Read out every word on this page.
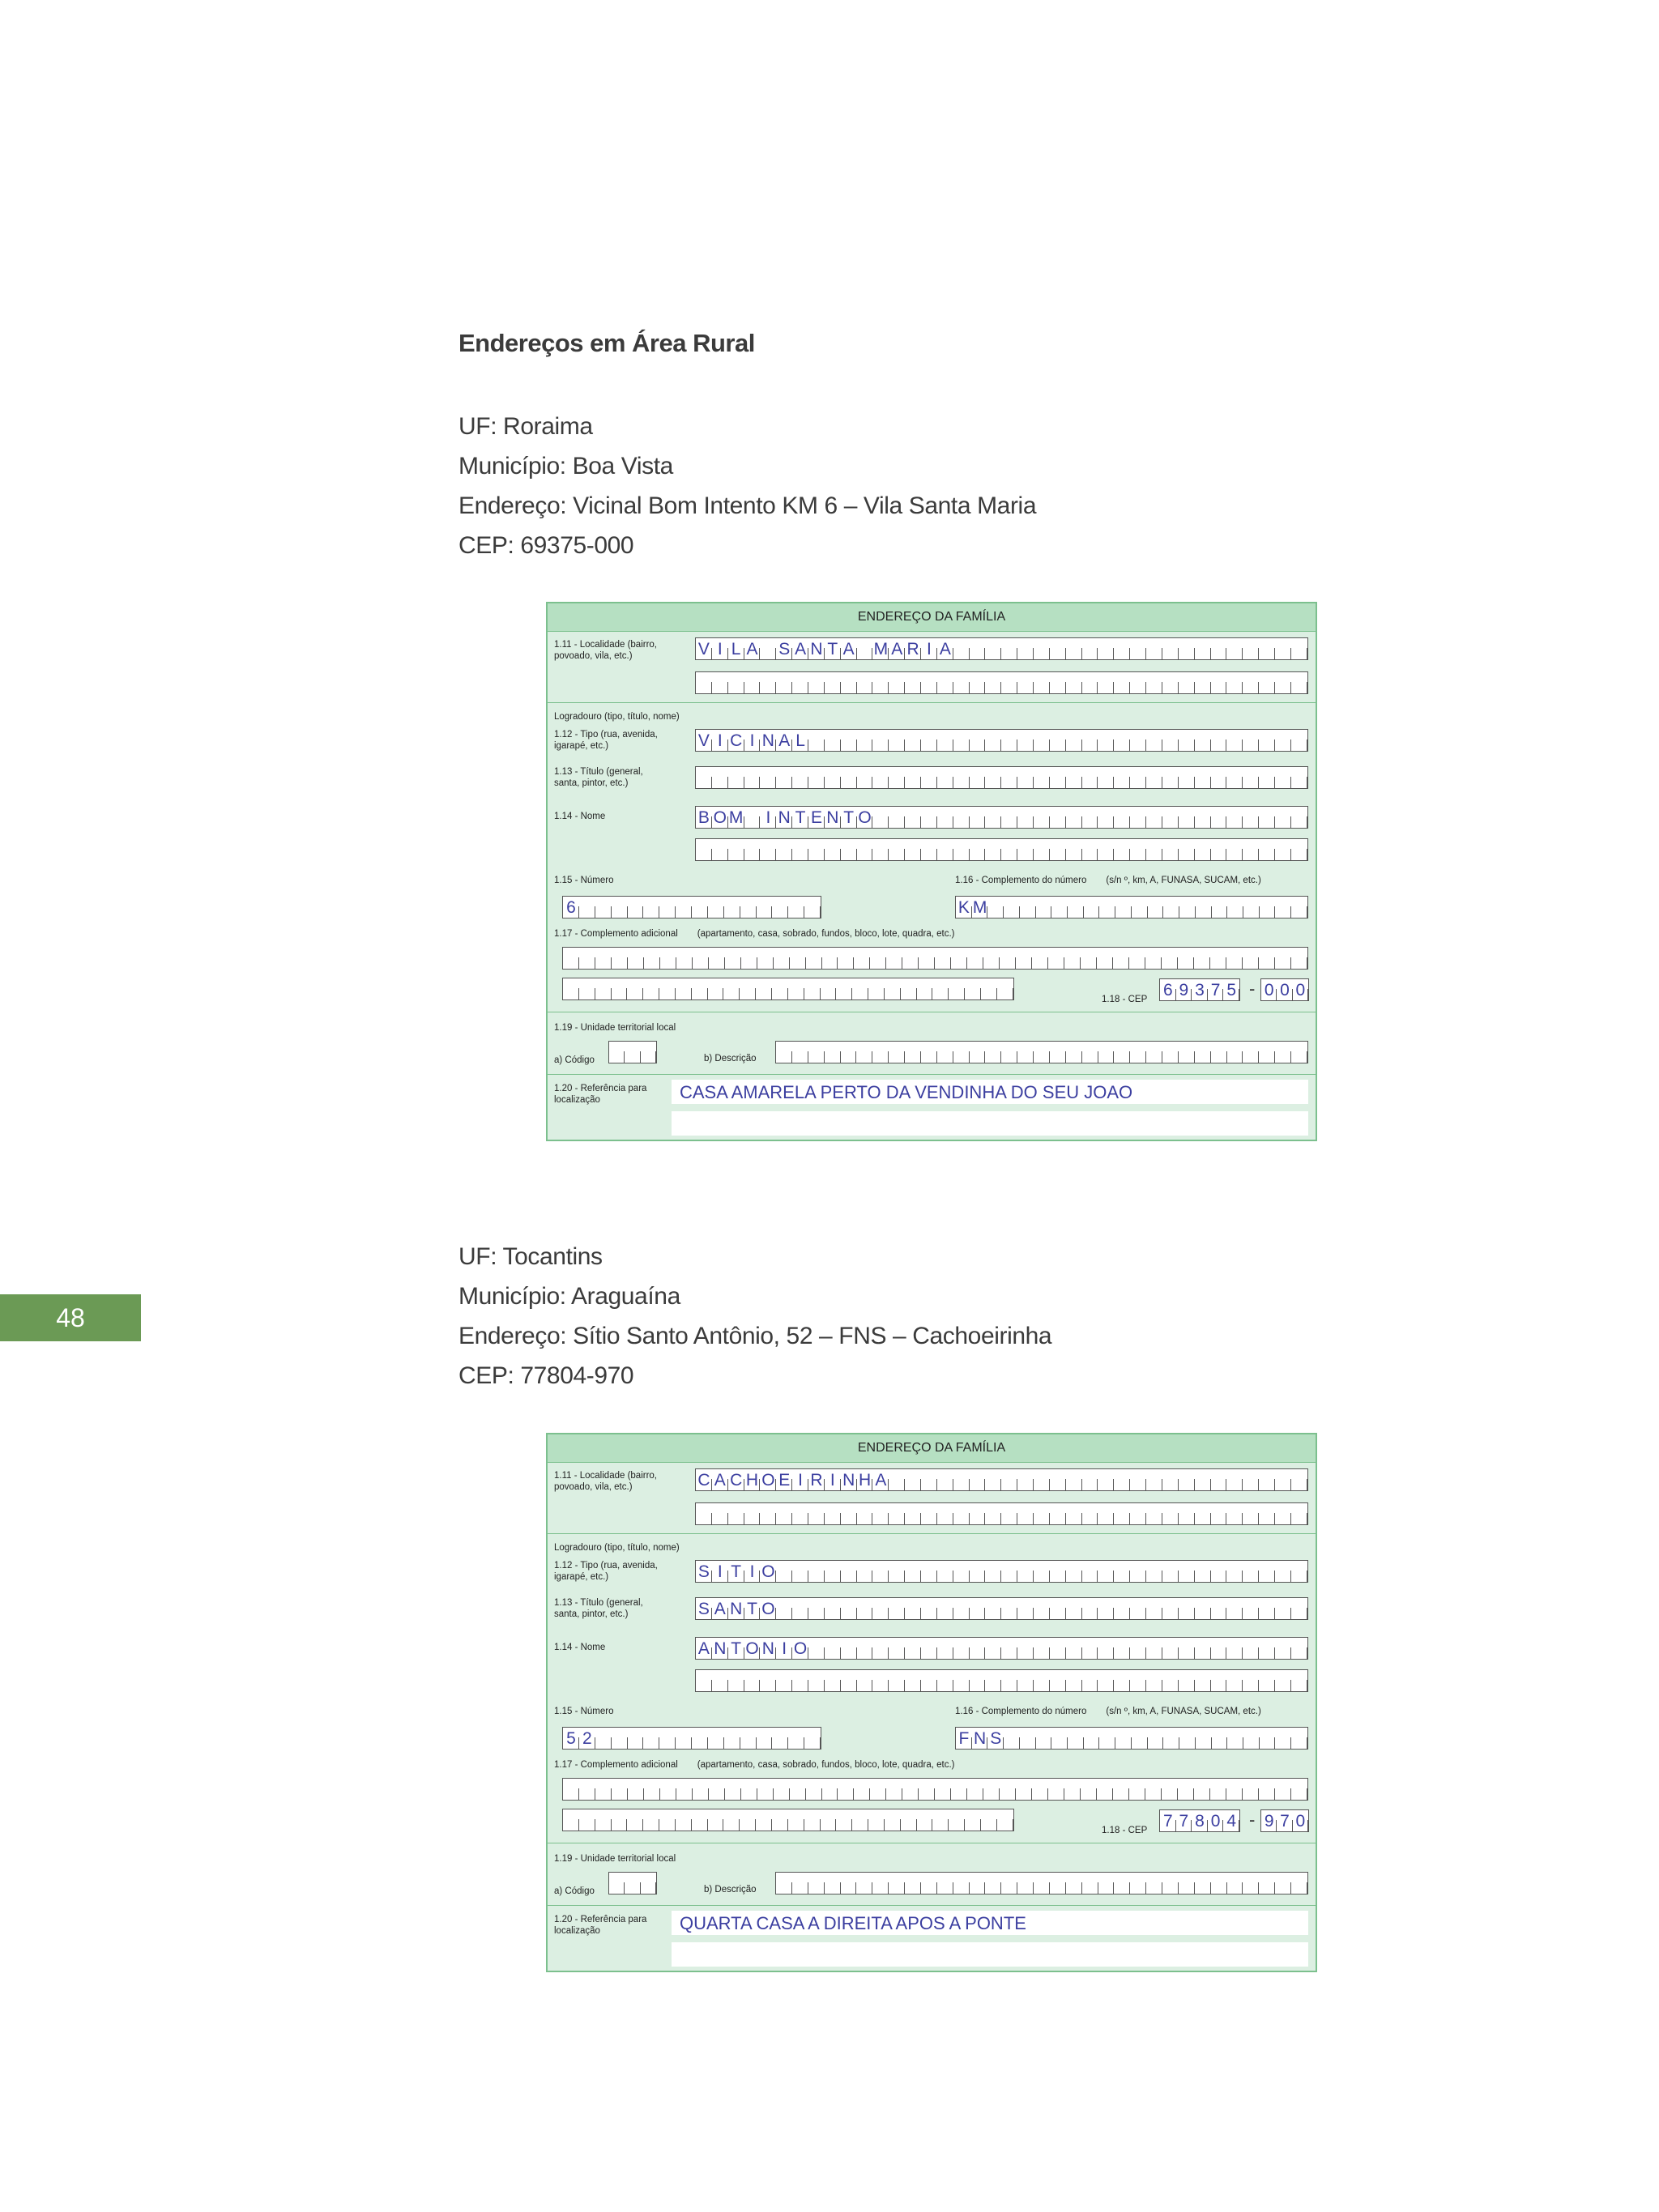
Endereços em Área Rural
UF: Roraima
Município: Boa Vista
Endereço: Vicinal Bom Intento KM 6 – Vila Santa Maria
CEP: 69375-000
UF: Tocantins
Município: Araguaína
Endereço: Sítio Santo Antônio, 52 – FNS – Cachoeirinha
CEP: 77804-970
48
ENDEREÇO DA FAMÍLIA
1.11 - Localidade (bairro,
povoado, vila, etc.)	V I L A S A N T A M A R I A
Logradouro (tipo, título, nome)
1.12 - Tipo (rua, avenida,
igarapé, etc.)	V I C I N A L
1.13 - Título (general,
santa, pintor, etc.)
1.14 - Nome	B O M	I N T E N T O
1.15 - Número
6
1.16 - Complemento do número (s/n º, km, A, FUNASA, SUCAM, etc.)
K M
1.17 - Complemento adicional (apartamento, casa, sobrado, fundos, bloco, lote, quadra, etc.)
1.18 - CEP 6 9 3 7 5 - 0 0 0
1.19 - Unidade territorial local
a) Código	b) Descrição
1.20 - Referência para
localização	CASA AMARELA PERTO DA VENDINHA DO SEU JOAO
ENDEREÇO DA FAMÍLIA
1.11 - Localidade (bairro,
povoado, vila, etc.)	C A C H O E I R I N H A
Logradouro (tipo, título, nome)
1.12 - Tipo (rua, avenida,
igarapé, etc.)	S I T I O
1.13 - Título (general,
santa, pintor, etc.)	S A N T O
1.14 - Nome	A N T O N I O
1.15 - Número
5 2
1.16 - Complemento do número (s/n º, km, A, FUNASA, SUCAM, etc.)
F N S
1.17 - Complemento adicional (apartamento, casa, sobrado, fundos, bloco, lote, quadra, etc.)
1.18 - CEP 7 7 8 0 4 - 9 7 0
1.19 - Unidade territorial local
a) Código	b) Descrição
1.20 - Referência para
localização	QUARTA CASA A DIREITA APOS A PONTE
